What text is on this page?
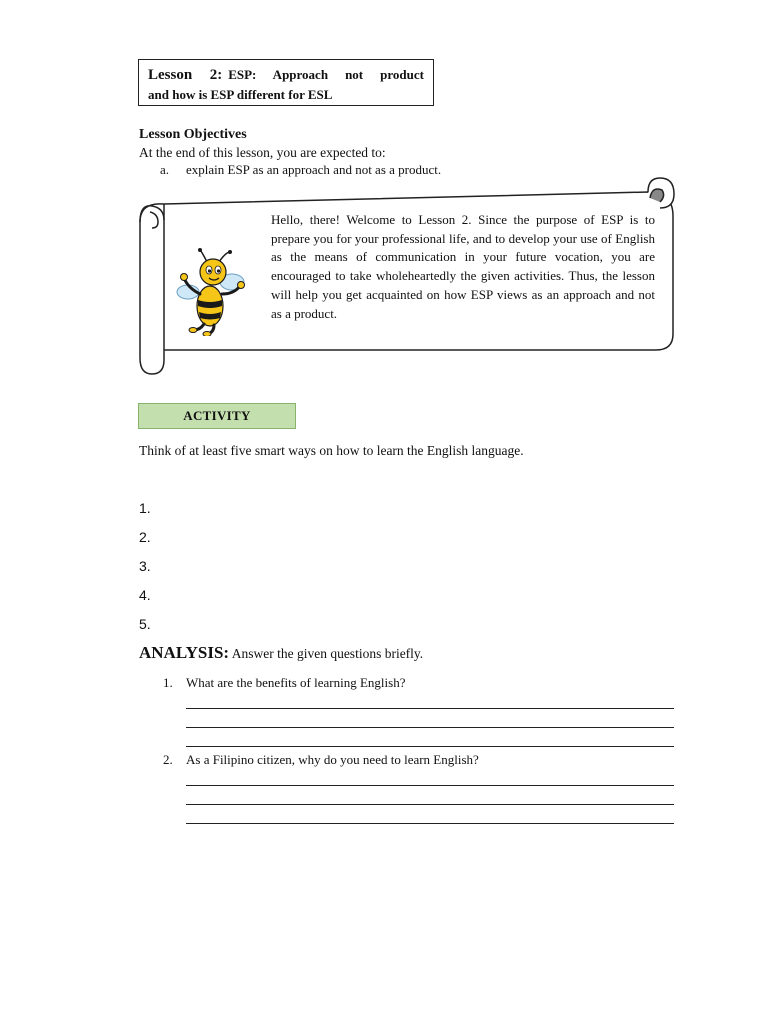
Lesson 2: ESP: Approach not product
and how is ESP different for ESL
Lesson Objectives
At the end of this lesson, you are expected to:
a. explain ESP as an approach and not as a product.
Hello, there! Welcome to Lesson 2. Since the purpose of ESP is to prepare you for your professional life, and to develop your use of English as the means of communication in your future vocation, you are encouraged to take wholeheartedly the given activities. Thus, the lesson will help you get acquainted on how ESP views as an approach and not as a product.
ACTIVITY
Think of at least five smart ways on how to learn the English language.
1.
2.
3.
4.
5.
ANALYSIS: Answer the given questions briefly.
1. What are the benefits of learning English?
2. As a Filipino citizen, why do you need to learn English?
